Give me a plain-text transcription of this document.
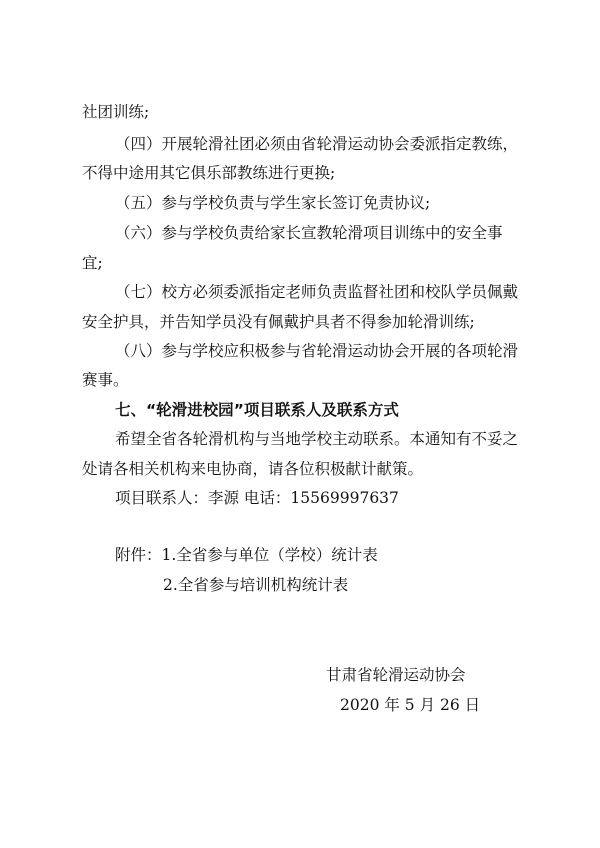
社团训练;
（四）开展轮滑社团必须由省轮滑运动协会委派指定教练，
不得中途用其它俱乐部教练进行更换;
（五）参与学校负责与学生家长签订免责协议;
（六）参与学校负责给家长宣教轮滑项目训练中的安全事
宜;
（七）校方必须委派指定老师负责监督社团和校队学员佩戴
安全护具，并告知学员没有佩戴护具者不得参加轮滑训练;
（八）参与学校应积极参与省轮滑运动协会开展的各项轮滑
赛事。
七、“轮滑进校园”项目联系人及联系方式
希望全省各轮滑机构与当地学校主动联系。本通知有不妥之
处请各相关机构来电协商，请各位积极献计献策。
项目联系人：李源 电话：15569997637
附件：1.全省参与单位（学校）统计表
2.全省参与培训机构统计表
甘肃省轮滑运动协会
2020 年 5 月 26 日
